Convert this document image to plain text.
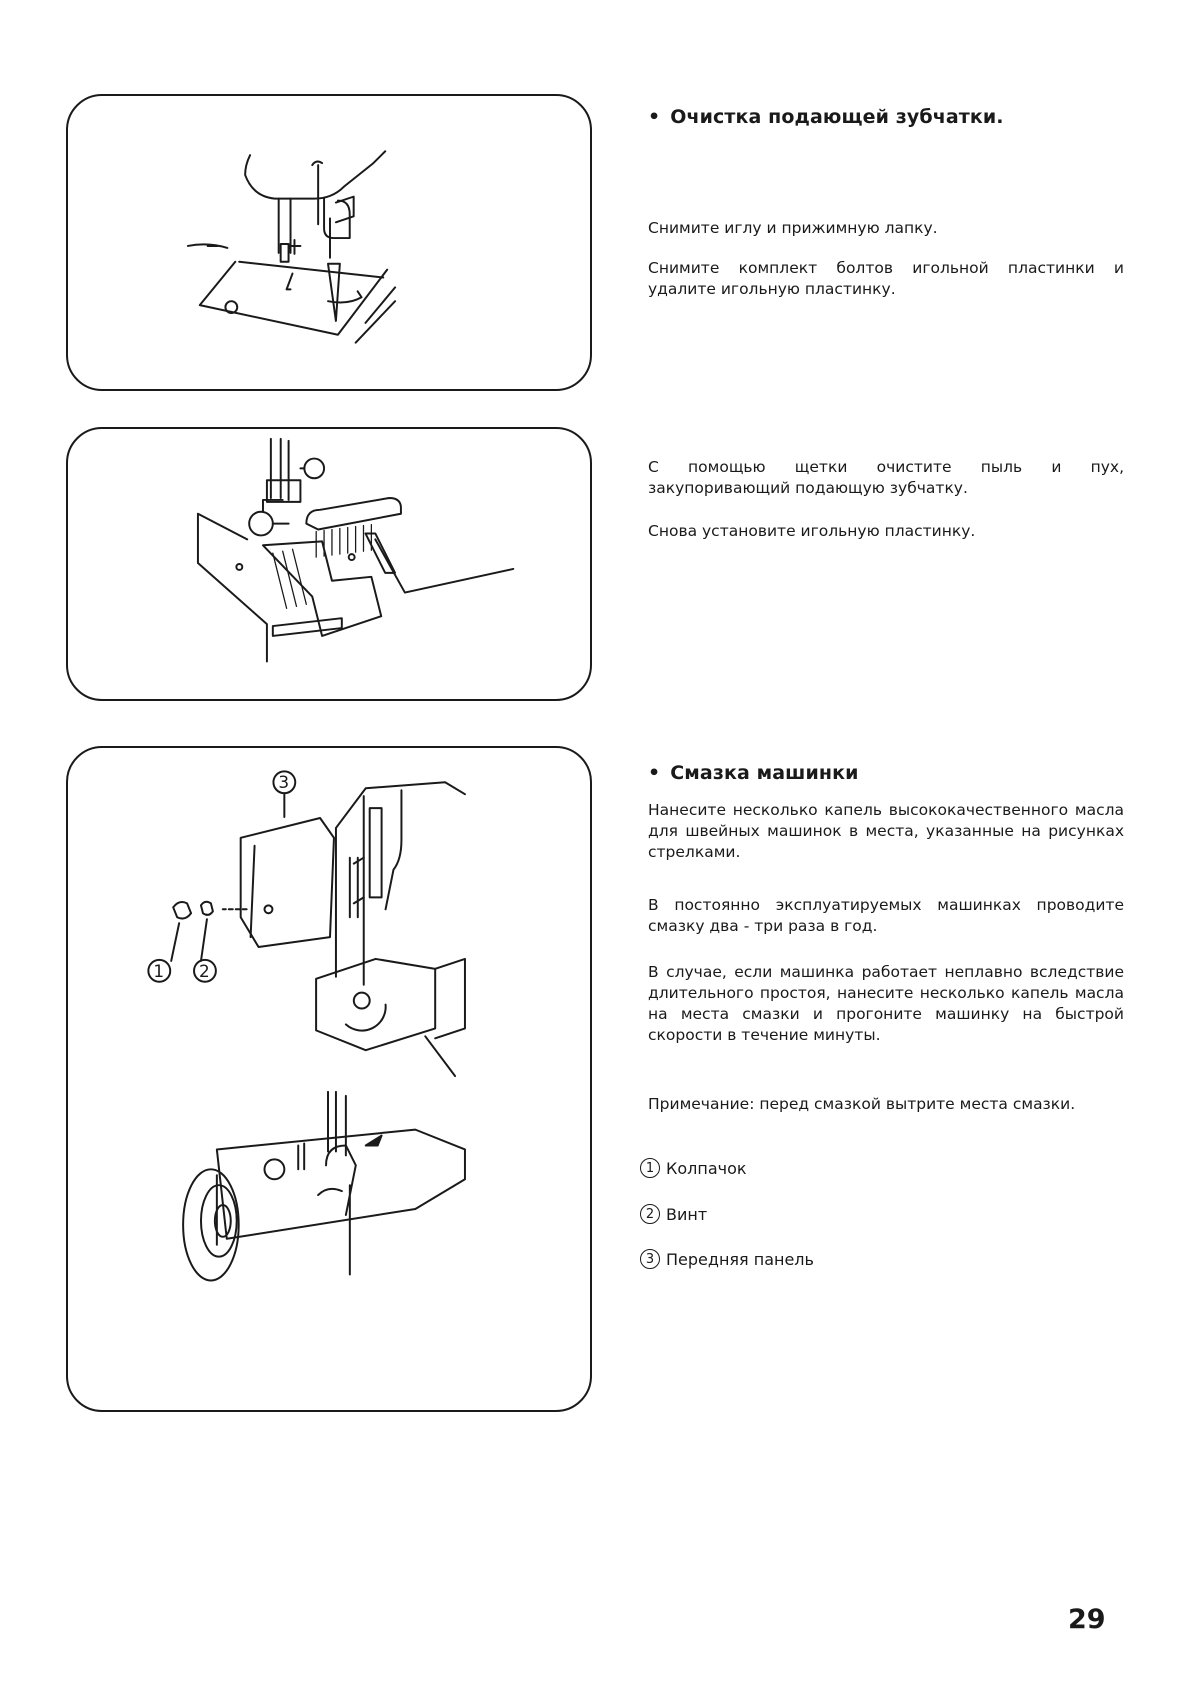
3
1 2
• Очистка подающей зубчатки.

Снимите иглу и прижимную лапку.

Снимите комплект болтов игольной пластинки и удалите игольную пластинку.

С помощью щетки очистите пыль и пух, закупоривающий подающую зубчатку.

Снова установите игольную пластинку.

• Смазка машинки

Нанесите несколько капель высококачественного масла для швейных машинок в места, указанные на рисунках стрелками.

В постоянно эксплуатируемых машинках проводите смазку два - три раза в год.

В случае, если машинка работает неплавно вследствие длительного простоя, нанесите несколько капель масла на места смазки и прогоните машинку на быстрой скорости в течение минуты.

Примечание: перед смазкой вытрите места смазки.

1 Колпачок
2 Винт
3 Передняя панель

29
